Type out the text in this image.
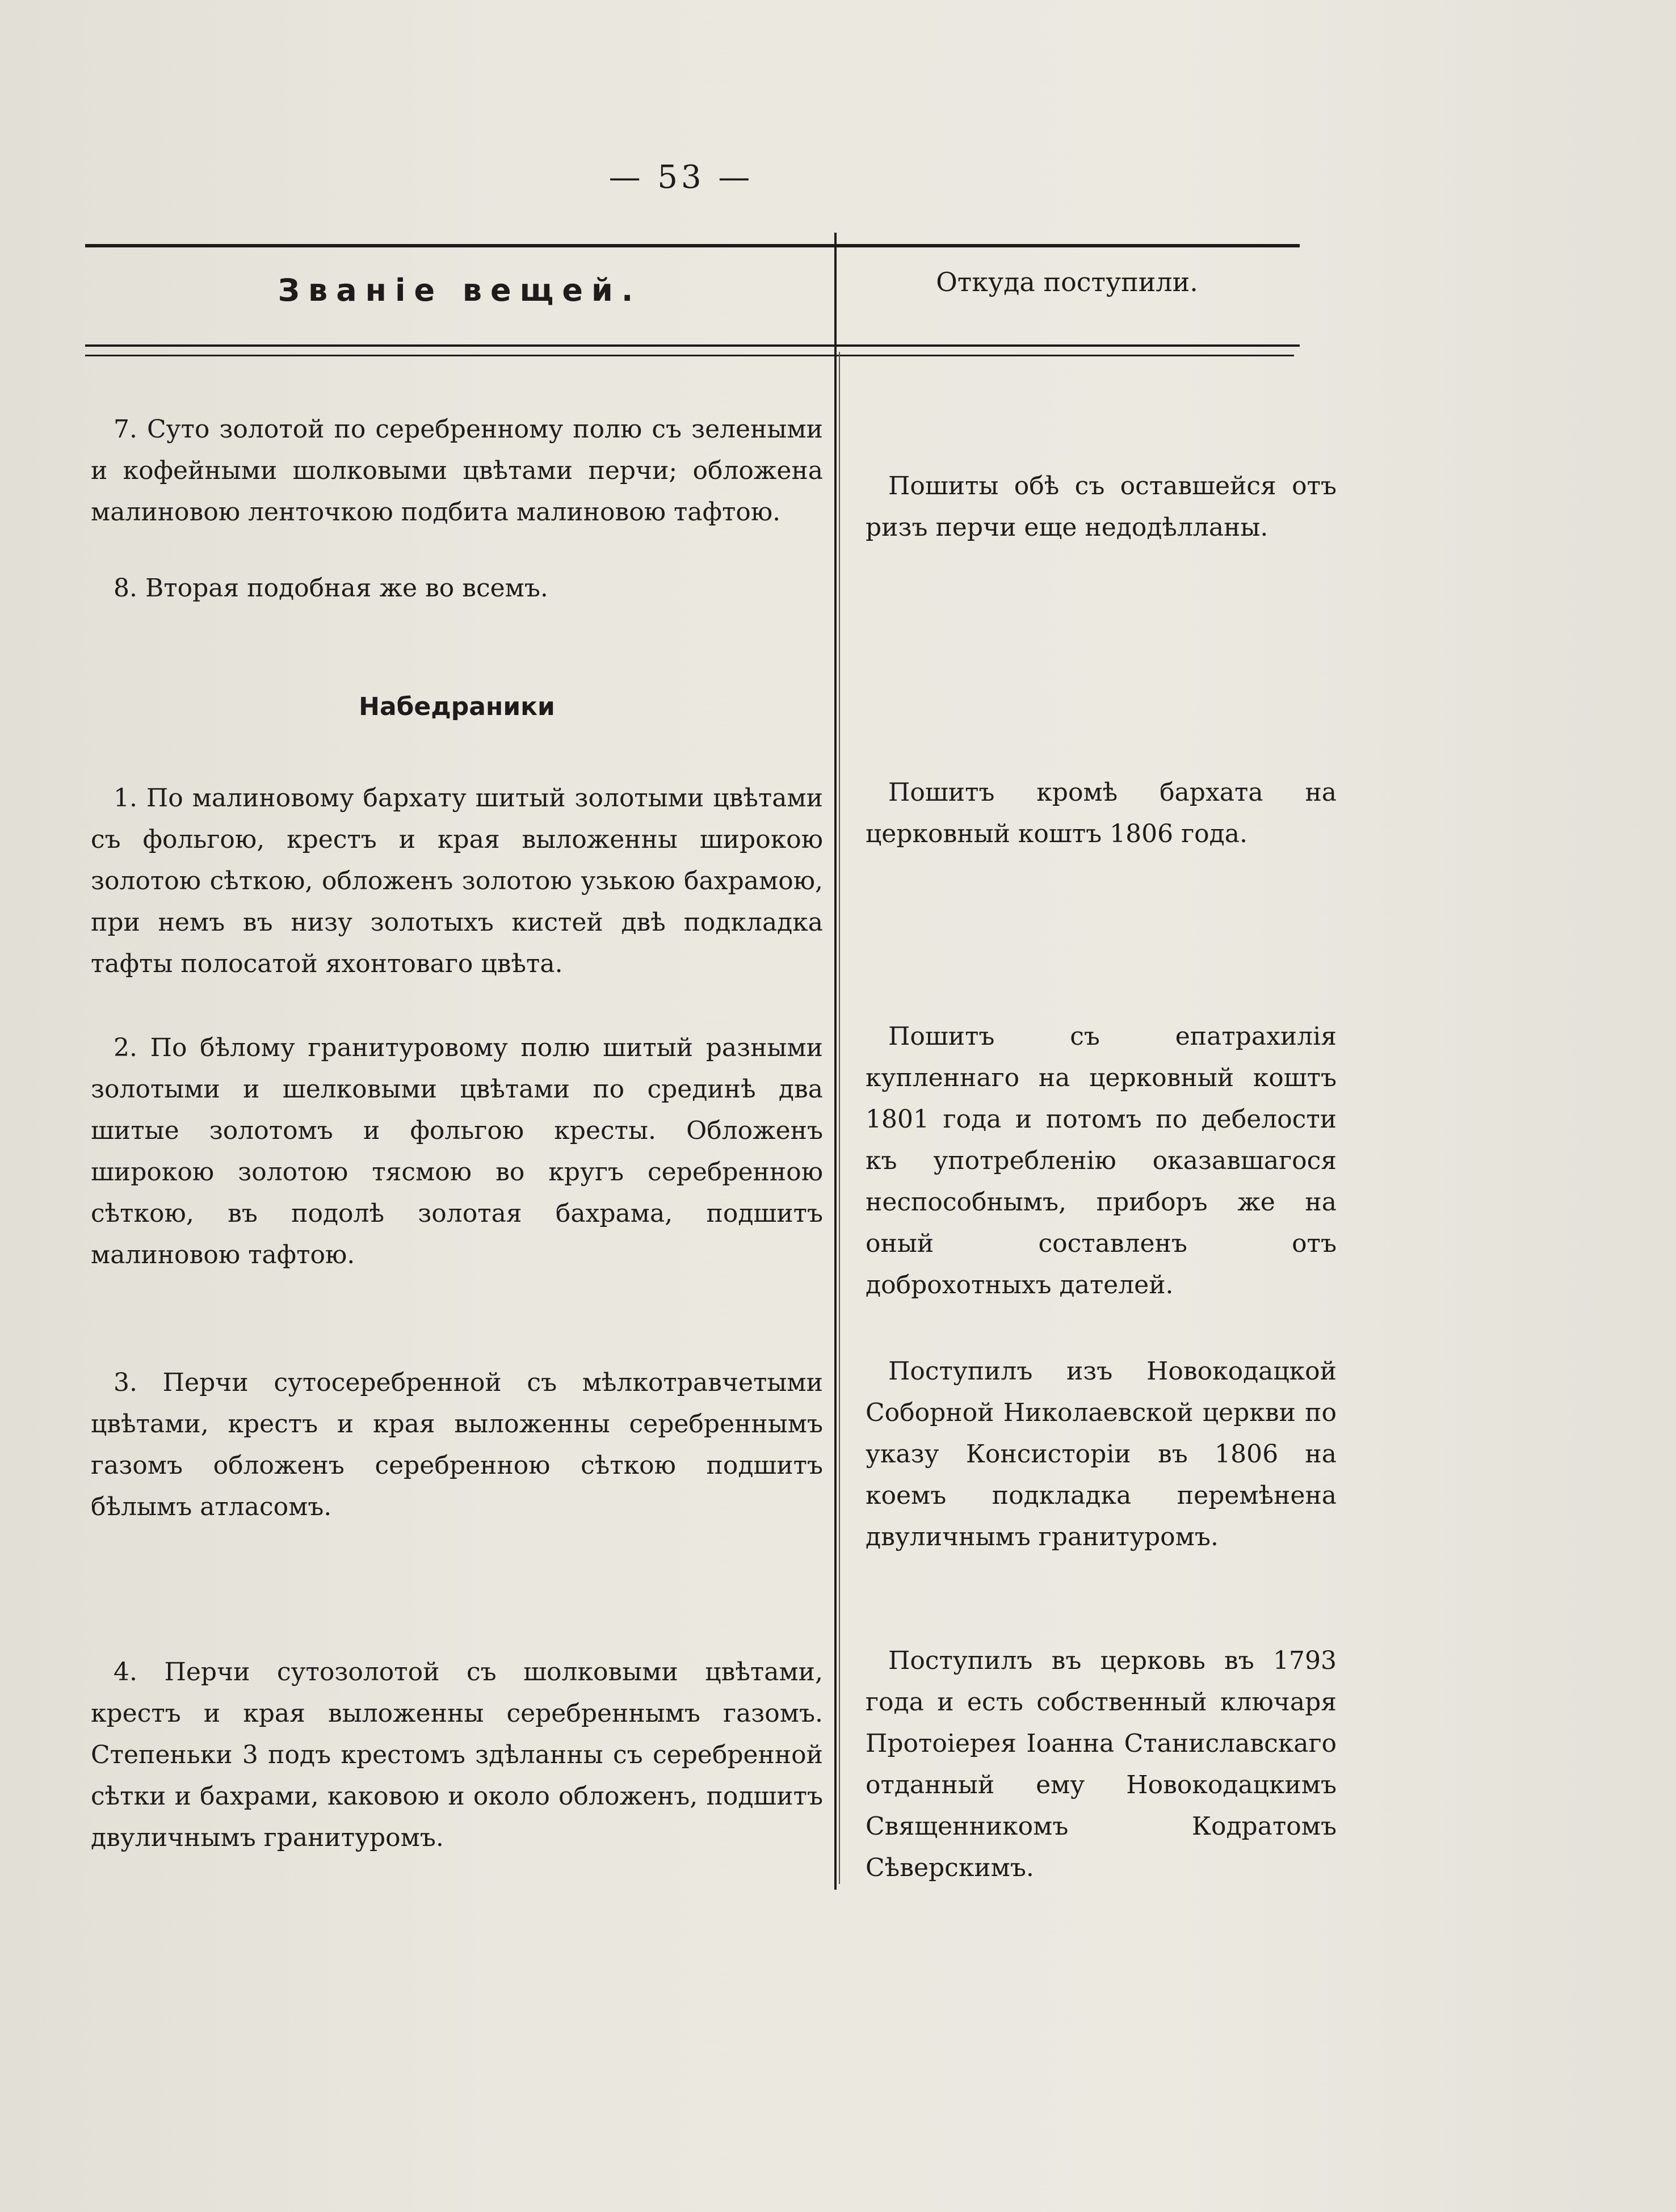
— 53 —
Званіе вещей.	Откуда поступили.

7. Суто золотой по серебренному полю съ зелеными и кофейными шолковыми цвѣтами перчи; обложена малиновою ленточкою подбита малиновою тафтою.
8. Вторая подобная же во всемъ.
Набедраники
1. По малиновому бархату шитый золотыми цвѣтами съ фольгою, крестъ и края выложенны широкою золотою сѣткою, обложенъ золотою узькою бахрамою, при немъ въ низу золотыхъ кистей двѣ подкладка тафты полосатой яхонтоваго цвѣта.
2. По бѣлому гранитуровому полю шитый разными золотыми и шелковыми цвѣтами по срединѣ два шитые золотомъ и фольгою кресты. Обложенъ широкою золотою тясмою во кругъ серебренною сѣткою, въ подолѣ золотая бахрама, подшитъ малиновою тафтою.
3. Перчи сутосеребренной съ мѣлкотравчетыми цвѣтами, крестъ и края выложенны серебреннымъ газомъ обложенъ серебренною сѣткою подшитъ бѣлымъ атласомъ.
4. Перчи сутозолотой съ шолковыми цвѣтами, крестъ и края выложенны серебреннымъ газомъ. Степеньки 3 подъ крестомъ здѣланны съ серебренной сѣтки и бахрами, каковою и около обложенъ, подшитъ двуличнымъ гранитуромъ.
Пошиты обѣ съ оставшейся отъ ризъ перчи еще недодѣлланы.
Пошитъ кромѣ бархата на церковный коштъ 1806 года.
Пошитъ съ епатрахилія купленнаго на церковный коштъ 1801 года и потомъ по дебелости къ употребленію оказавшагося неспособнымъ, приборъ же на оный составленъ отъ доброхотныхъ дателей.
Поступилъ изъ Новокодацкой Соборной Николаевской церкви по указу Консисторіи въ 1806 на коемъ подкладка перемѣнена двуличнымъ гранитуромъ.
Поступилъ въ церковь въ 1793 года и есть собственный ключаря Протоіерея Іоанна Станиславскаго отданный ему Новокодацкимъ Священникомъ Кодратомъ Сѣверскимъ.
